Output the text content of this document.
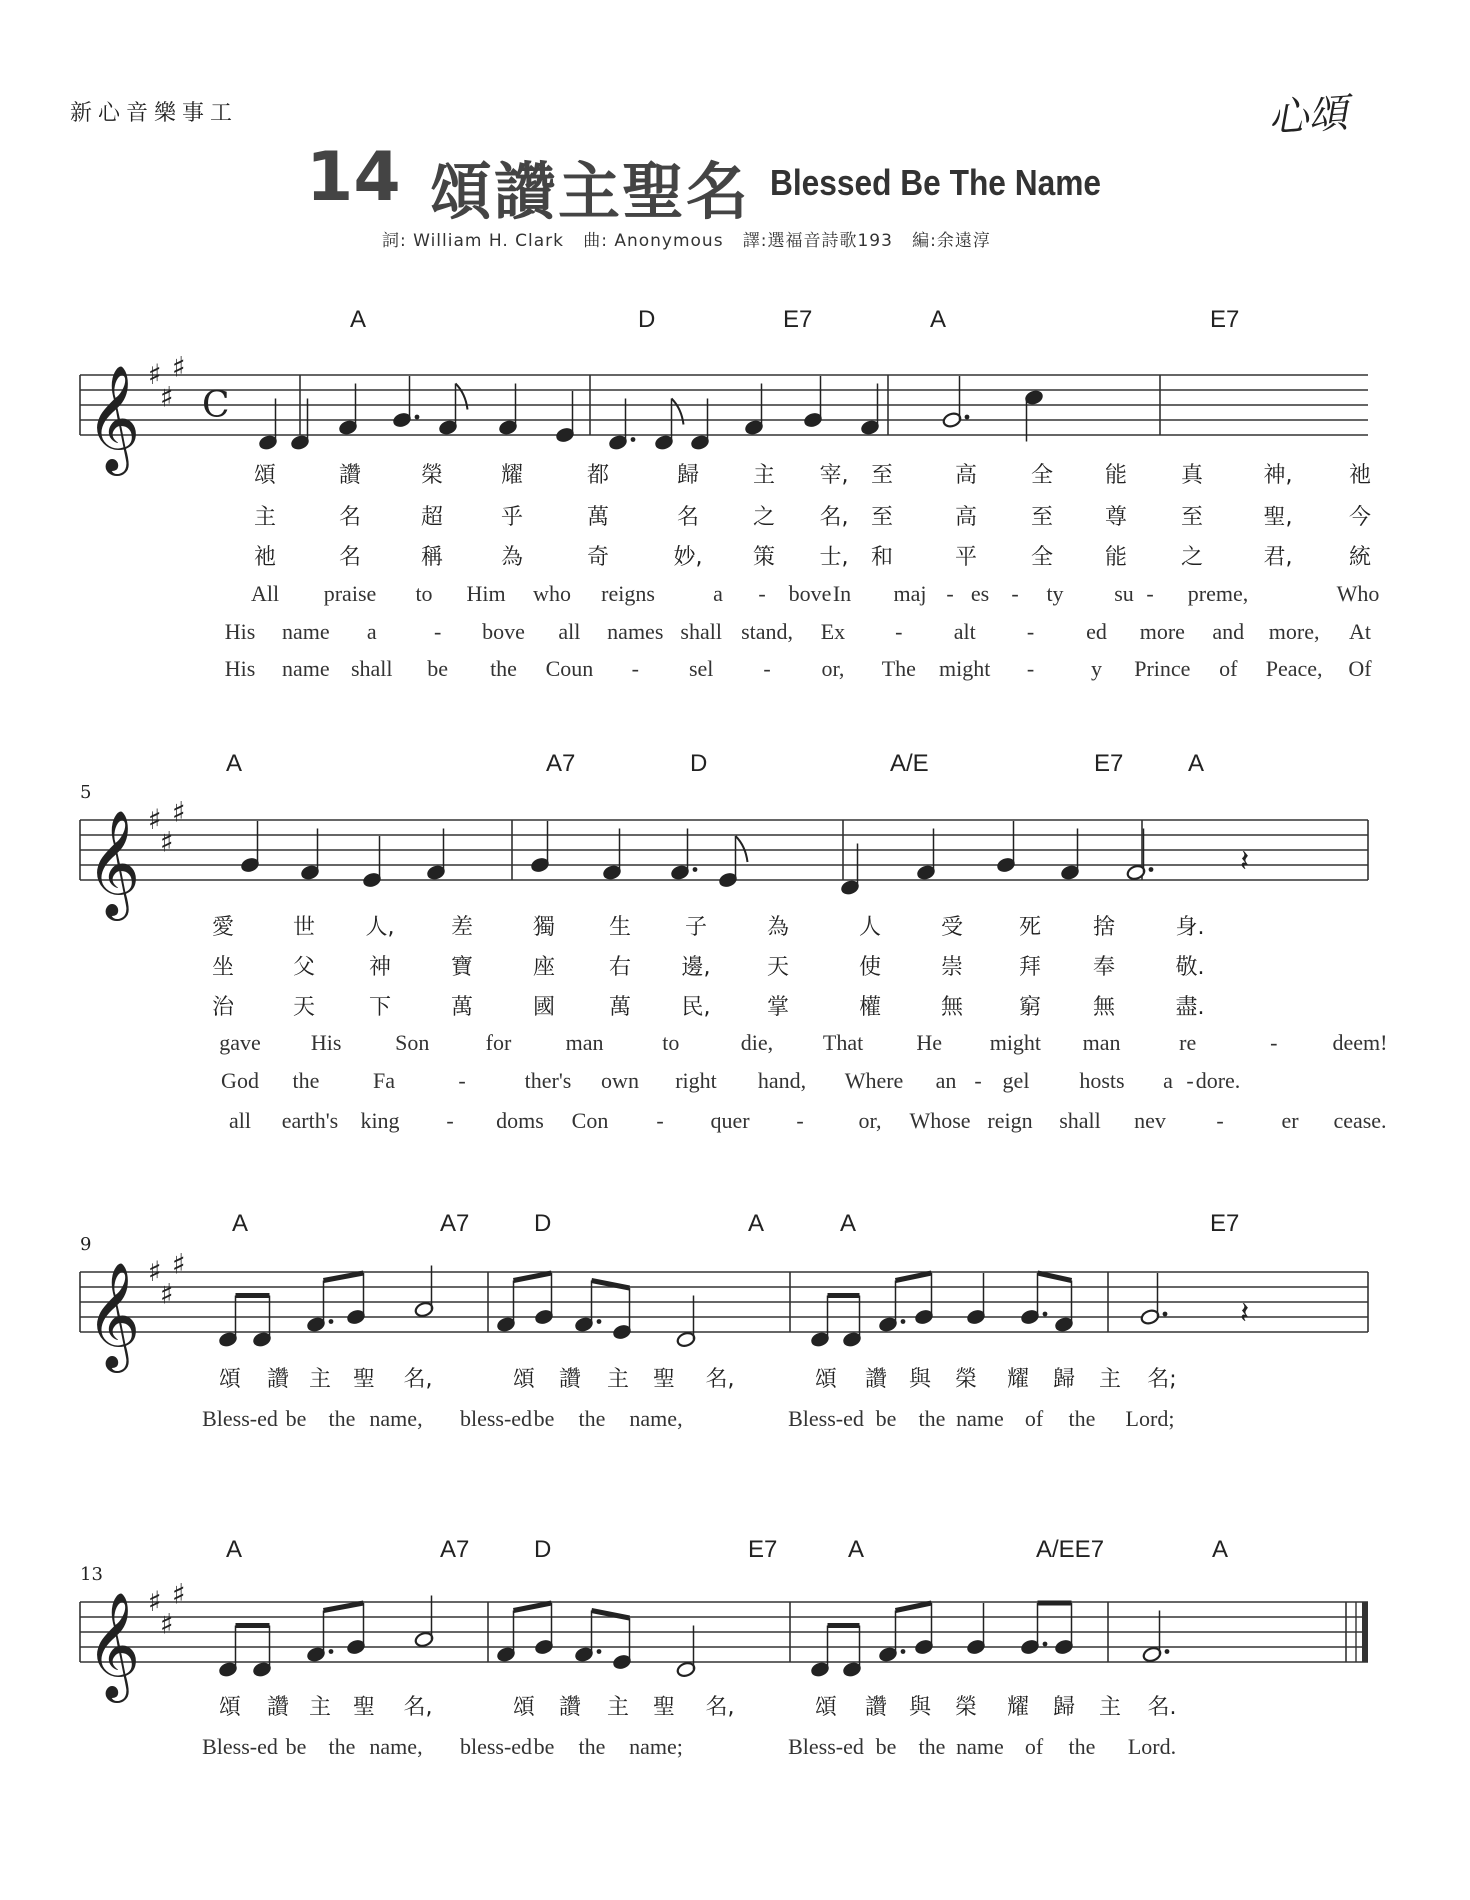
新心音樂事工	心頌
14 頌讚主聖名 Blessed Be The Name
詞: William H. Clark   曲: Anonymous   譯:選福音詩歌193   編:余遠淳
𝄞 ♯
♯
♯
C
A	D	E7	A	E7
頌	讚	榮	耀	都	歸 主 宰, 至	高 全 能 真	神,	祂
主	名	超	乎	萬	名 之 名, 至	高 至 尊 至	聖,	今
祂	名	稱	為	奇	妙, 策 士, 和	平 全 能 之	君,	統
All praise to Him who reigns	a - bove In maj - es - ty su - preme,	Who
His name a	- bove all names shall stand, Ex - alt - ed more and more, At
His name shall be the Coun - sel - or, The might -	y Prince of Peace, Of
𝄞 ♯
♯
♯
𝄽
5
A	A7	D	A/E	E7	A
愛	世 人,	差	獨 生 子	為	人	受	死 捨	身.
坐	父 神	寶	座 右 邊,	天	使	崇	拜 奉	敬.
治	天 下	萬	國 萬 民,	掌	權	無	窮 無	盡.
gave His Son	for man	to	die, That He might man	re	-	deem!
God the Fa	-	ther's own right hand, Where an - gel hosts a - dore.
all earth's king - doms Con - quer - or, Whose reign shall nev -	er cease.
𝄞 ♯
♯
♯
𝄽
9
A	A7	D	A	A	E7
頌 讚 主 聖 名,	頌 讚 主 聖 名,	頌 讚 與 榮 耀 歸 主 名;
Bless-ed be the name, bless-ed be the name,	Bless-ed be the name of the Lord;
𝄞 ♯
♯
♯
13
A	A7	D	E7	A	A/EE7	A
頌 讚 主 聖 名,	頌 讚 主 聖 名,	頌 讚 與 榮 耀 歸 主 名.
Bless-ed be the name, bless-ed be the name;	Bless-ed be the name of the Lord.
